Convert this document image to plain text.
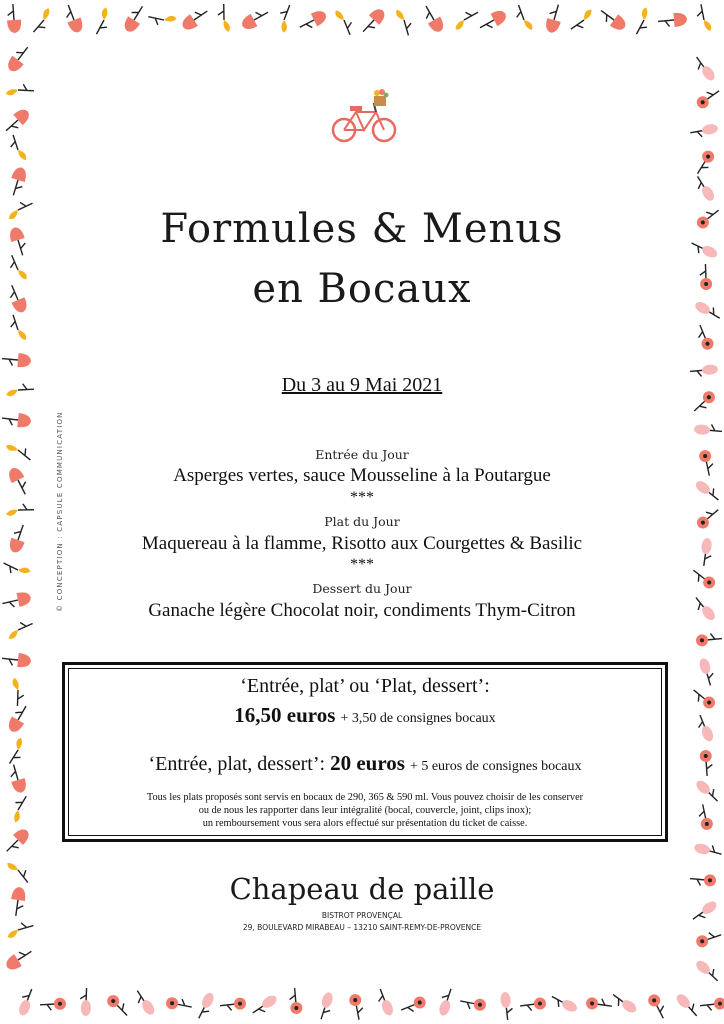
Formules & Menus
en Bocaux
Du 3 au 9 Mai 2021
Entrée du Jour
Asperges vertes, sauce Mousseline à la Poutargue
***
Plat du Jour
Maquereau à la flamme, Risotto aux Courgettes & Basilic
***
Dessert du Jour
Ganache légère Chocolat noir, condiments Thym-Citron
© CONCEPTION : CAPSULE COMMUNICATION
‘Entrée, plat’ ou ‘Plat, dessert’:
16,50 euros + 3,50 de consignes bocaux
‘Entrée, plat, dessert’: 20 euros + 5 euros de consignes bocaux
Tous les plats proposés sont servis en bocaux de 290, 365 & 590 ml. Vous pouvez choisir de les conserver
ou de nous les rapporter dans leur intégralité (bocal, couvercle, joint, clips inox);
un remboursement vous sera alors effectué sur présentation du ticket de caisse.
Chapeau de paille
BISTROT PROVENÇAL
29, BOULEVARD MIRABEAU – 13210 SAINT-REMY-DE-PROVENCE
